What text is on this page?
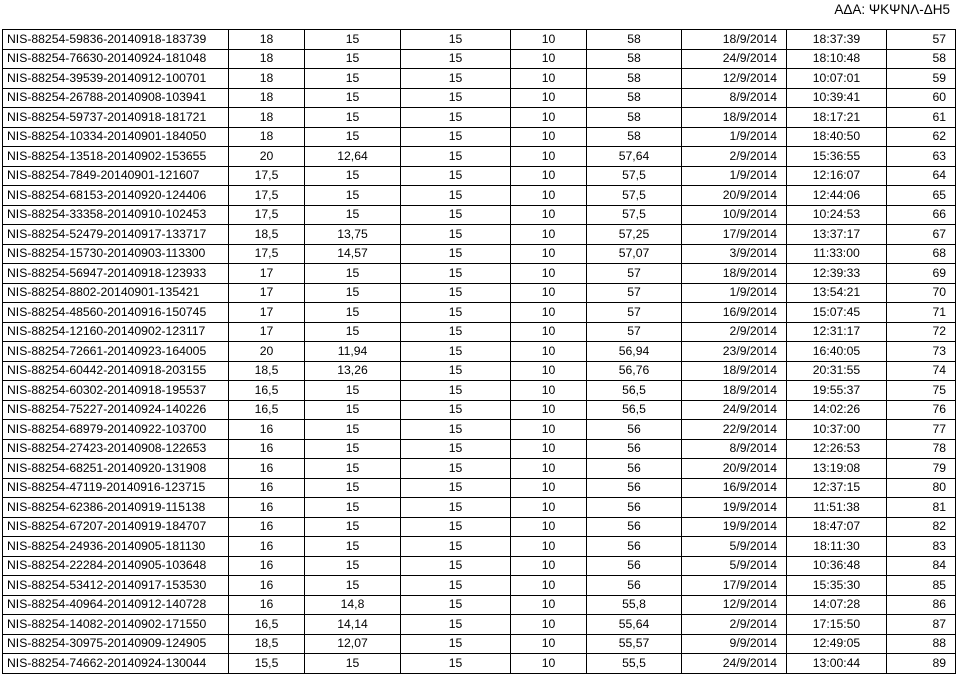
ΑΔΑ: ΨΚΨΝΛ-ΔΗ5
NIS-88254-59836-20140918-183739	18	15	15	10	58	18/9/2014	18:37:39	57
NIS-88254-76630-20140924-181048	18	15	15	10	58	24/9/2014	18:10:48	58
NIS-88254-39539-20140912-100701	18	15	15	10	58	12/9/2014	10:07:01	59
NIS-88254-26788-20140908-103941	18	15	15	10	58	8/9/2014	10:39:41	60
NIS-88254-59737-20140918-181721	18	15	15	10	58	18/9/2014	18:17:21	61
NIS-88254-10334-20140901-184050	18	15	15	10	58	1/9/2014	18:40:50	62
NIS-88254-13518-20140902-153655	20	12,64	15	10	57,64	2/9/2014	15:36:55	63
NIS-88254-7849-20140901-121607	17,5	15	15	10	57,5	1/9/2014	12:16:07	64
NIS-88254-68153-20140920-124406	17,5	15	15	10	57,5	20/9/2014	12:44:06	65
NIS-88254-33358-20140910-102453	17,5	15	15	10	57,5	10/9/2014	10:24:53	66
NIS-88254-52479-20140917-133717	18,5	13,75	15	10	57,25	17/9/2014	13:37:17	67
NIS-88254-15730-20140903-113300	17,5	14,57	15	10	57,07	3/9/2014	11:33:00	68
NIS-88254-56947-20140918-123933	17	15	15	10	57	18/9/2014	12:39:33	69
NIS-88254-8802-20140901-135421	17	15	15	10	57	1/9/2014	13:54:21	70
NIS-88254-48560-20140916-150745	17	15	15	10	57	16/9/2014	15:07:45	71
NIS-88254-12160-20140902-123117	17	15	15	10	57	2/9/2014	12:31:17	72
NIS-88254-72661-20140923-164005	20	11,94	15	10	56,94	23/9/2014	16:40:05	73
NIS-88254-60442-20140918-203155	18,5	13,26	15	10	56,76	18/9/2014	20:31:55	74
NIS-88254-60302-20140918-195537	16,5	15	15	10	56,5	18/9/2014	19:55:37	75
NIS-88254-75227-20140924-140226	16,5	15	15	10	56,5	24/9/2014	14:02:26	76
NIS-88254-68979-20140922-103700	16	15	15	10	56	22/9/2014	10:37:00	77
NIS-88254-27423-20140908-122653	16	15	15	10	56	8/9/2014	12:26:53	78
NIS-88254-68251-20140920-131908	16	15	15	10	56	20/9/2014	13:19:08	79
NIS-88254-47119-20140916-123715	16	15	15	10	56	16/9/2014	12:37:15	80
NIS-88254-62386-20140919-115138	16	15	15	10	56	19/9/2014	11:51:38	81
NIS-88254-67207-20140919-184707	16	15	15	10	56	19/9/2014	18:47:07	82
NIS-88254-24936-20140905-181130	16	15	15	10	56	5/9/2014	18:11:30	83
NIS-88254-22284-20140905-103648	16	15	15	10	56	5/9/2014	10:36:48	84
NIS-88254-53412-20140917-153530	16	15	15	10	56	17/9/2014	15:35:30	85
NIS-88254-40964-20140912-140728	16	14,8	15	10	55,8	12/9/2014	14:07:28	86
NIS-88254-14082-20140902-171550	16,5	14,14	15	10	55,64	2/9/2014	17:15:50	87
NIS-88254-30975-20140909-124905	18,5	12,07	15	10	55,57	9/9/2014	12:49:05	88
NIS-88254-74662-20140924-130044	15,5	15	15	10	55,5	24/9/2014	13:00:44	89
